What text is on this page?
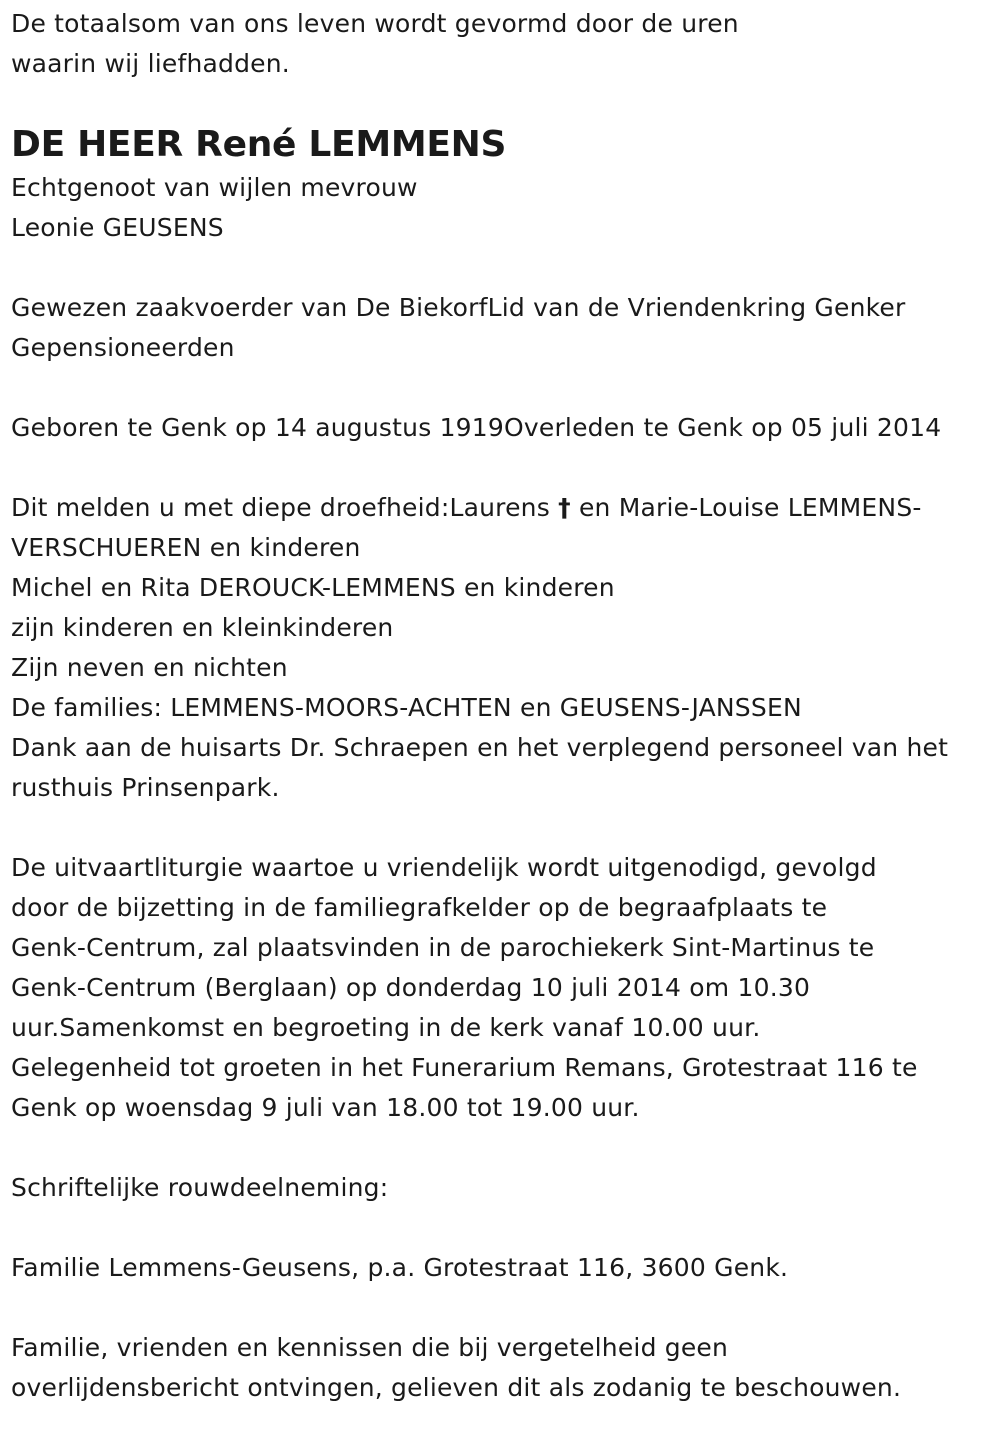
De totaalsom van ons leven wordt gevormd door de uren
waarin wij liefhadden.
DE HEER René LEMMENS
Echtgenoot van wijlen mevrouw
Leonie GEUSENS
Gewezen zaakvoerder van De BiekorfLid van de Vriendenkring Genker
Gepensioneerden
Geboren te Genk op 14 augustus 1919Overleden te Genk op 05 juli 2014
Dit melden u met diepe droefheid:Laurens † en Marie-Louise LEMMENS-
VERSCHUEREN en kinderen
Michel en Rita DEROUCK-LEMMENS en kinderen
zijn kinderen en kleinkinderen
Zijn neven en nichten
De families: LEMMENS-MOORS-ACHTEN en GEUSENS-JANSSEN
Dank aan de huisarts Dr. Schraepen en het verplegend personeel van het
rusthuis Prinsenpark.
De uitvaartliturgie waartoe u vriendelijk wordt uitgenodigd, gevolgd
door de bijzetting in de familiegrafkelder op de begraafplaats te
Genk-Centrum, zal plaatsvinden in de parochiekerk Sint-Martinus te
Genk-Centrum (Berglaan) op donderdag 10 juli 2014 om 10.30
uur.Samenkomst en begroeting in de kerk vanaf 10.00 uur.
Gelegenheid tot groeten in het Funerarium Remans, Grotestraat 116 te
Genk op woensdag 9 juli van 18.00 tot 19.00 uur.
Schriftelijke rouwdeelneming:
Familie Lemmens-Geusens, p.a. Grotestraat 116, 3600 Genk.
Familie, vrienden en kennissen die bij vergetelheid geen
overlijdensbericht ontvingen, gelieven dit als zodanig te beschouwen.
